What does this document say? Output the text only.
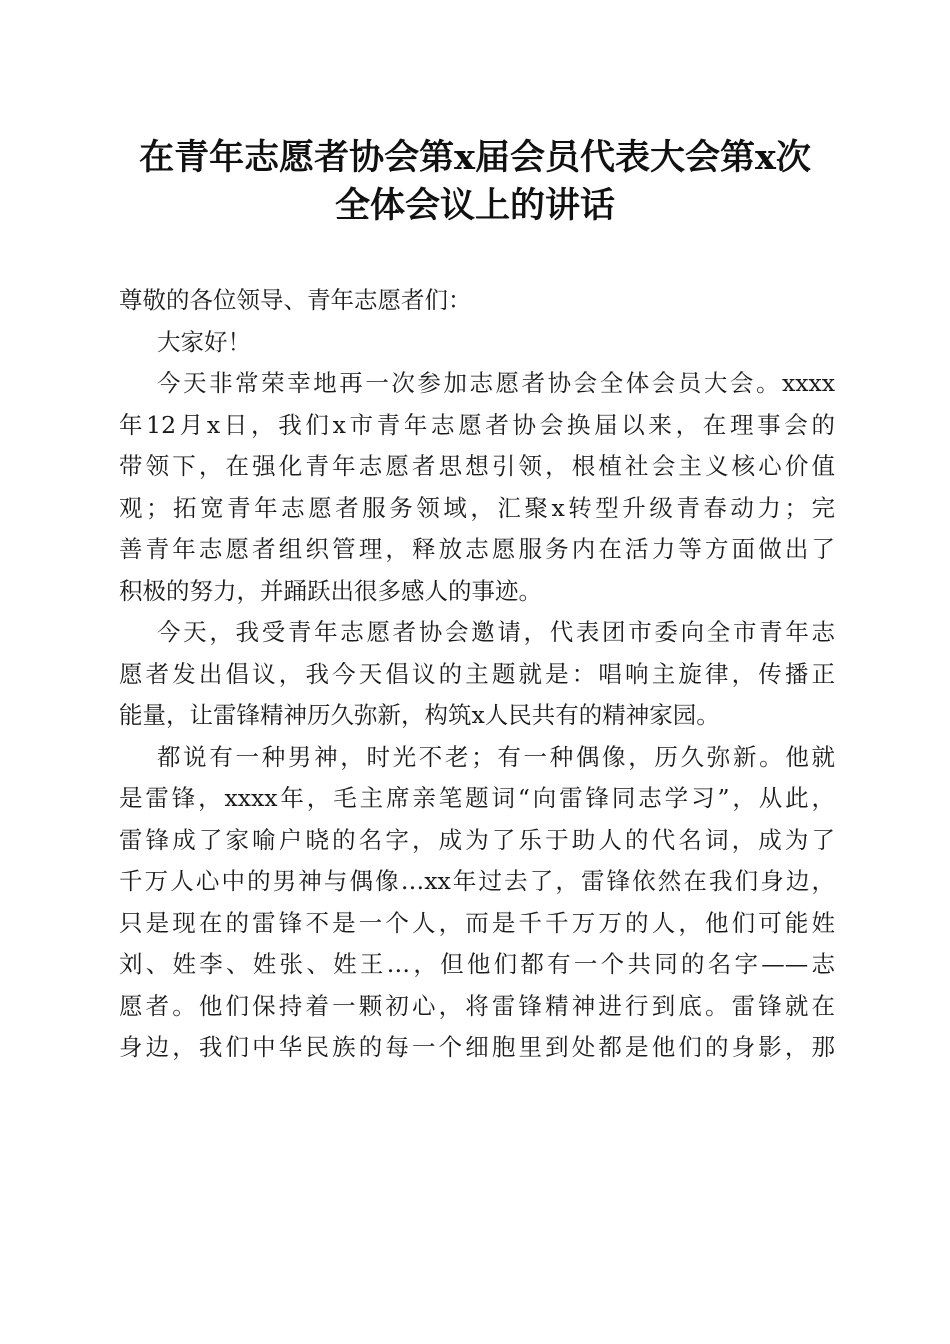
在青年志愿者协会第x届会员代表大会第x次
全体会议上的讲话
尊敬的各位领导、青年志愿者们：
大家好！
今天非常荣幸地再一次参加志愿者协会全体会员大会。xxxx
年12月x日，我们x市青年志愿者协会换届以来，在理事会的
带领下，在强化青年志愿者思想引领，根植社会主义核心价值
观；拓宽青年志愿者服务领域，汇聚x转型升级青春动力；完
善青年志愿者组织管理，释放志愿服务内在活力等方面做出了
积极的努力，并踊跃出很多感人的事迹。
今天，我受青年志愿者协会邀请，代表团市委向全市青年志
愿者发出倡议，我今天倡议的主题就是：唱响主旋律，传播正
能量，让雷锋精神历久弥新，构筑x人民共有的精神家园。
都说有一种男神，时光不老；有一种偶像，历久弥新。他就
是雷锋，xxxx年，毛主席亲笔题词“向雷锋同志学习”，从此，
雷锋成了家喻户晓的名字，成为了乐于助人的代名词，成为了
千万人心中的男神与偶像…xx年过去了，雷锋依然在我们身边，
只是现在的雷锋不是一个人，而是千千万万的人，他们可能姓
刘、姓李、姓张、姓王…，但他们都有一个共同的名字——志
愿者。他们保持着一颗初心，将雷锋精神进行到底。雷锋就在
身边，我们中华民族的每一个细胞里到处都是他们的身影，那
